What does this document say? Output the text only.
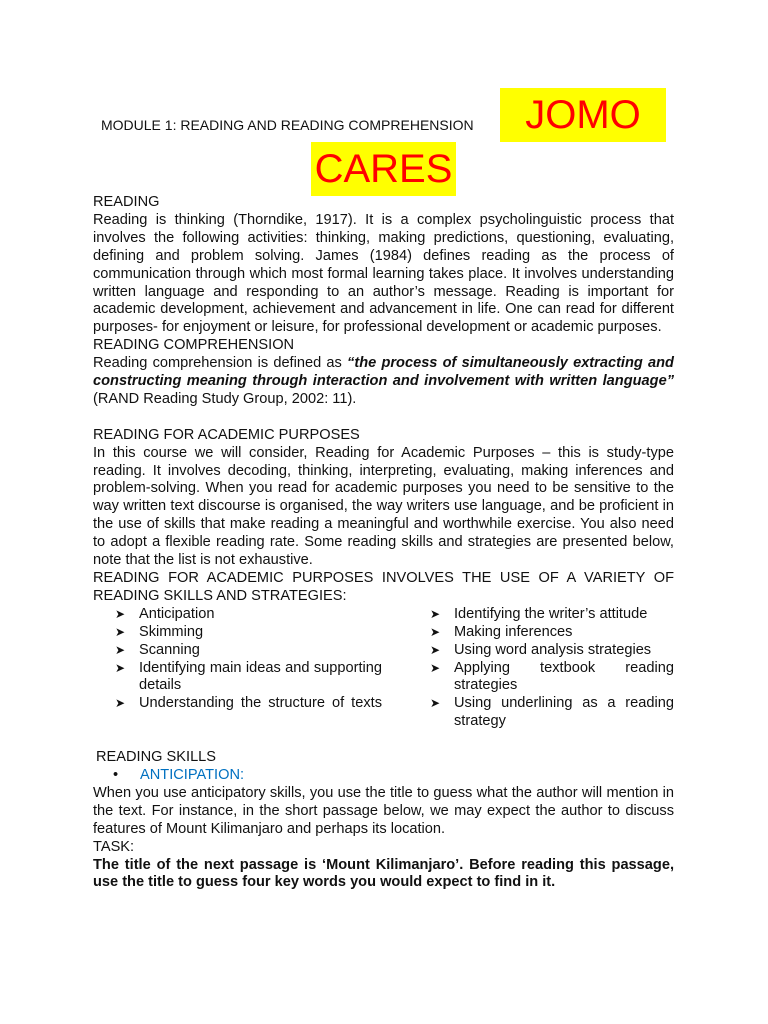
JOMO
CARES
MODULE 1: READING AND READING COMPREHENSION

READING

Reading is thinking (Thorndike, 1917). It is a complex psycholinguistic process that involves the following activities: thinking, making predictions, questioning, evaluating, defining and problem solving. James (1984) defines reading as the process of communication through which most formal learning takes place. It involves understanding written language and responding to an author’s message. Reading is important for academic development, achievement and advancement in life. One can read for different purposes- for enjoyment or leisure, for professional development or academic purposes.

READING COMPREHENSION

Reading comprehension is defined as “the process of simultaneously extracting and constructing meaning through interaction and involvement with written language” (RAND Reading Study Group, 2002: 11).

READING FOR ACADEMIC PURPOSES

In this course we will consider, Reading for Academic Purposes – this is study-type reading. It involves decoding, thinking, interpreting, evaluating, making inferences and problem-solving. When you read for academic purposes you need to be sensitive to the way written text discourse is organised, the way writers use language, and be proficient in the use of skills that make reading a meaningful and worthwhile exercise. You also need to adopt a flexible reading rate. Some reading skills and strategies are presented below, note that the list is not exhaustive.

READING FOR ACADEMIC PURPOSES INVOLVES THE USE OF A VARIETY OF

READING SKILLS AND STRATEGIES:

➤ Anticipation
➤ Skimming
➤ Scanning
➤ Identifying main ideas and supporting details
➤ Understanding the structure of texts
➤ Identifying the writer’s attitude
➤ Making inferences
➤ Using word analysis strategies
➤ Applying textbook reading strategies
➤ Using underlining as a reading strategy

READING SKILLS

•	ANTICIPATION:

When you use anticipatory skills, you use the title to guess what the author will mention in the text. For instance, in the short passage below, we may expect the author to discuss features of Mount Kilimanjaro and perhaps its location.

TASK:

The title of the next passage is ‘Mount Kilimanjaro’. Before reading this passage, use the title to guess four key words you would expect to find in it.
